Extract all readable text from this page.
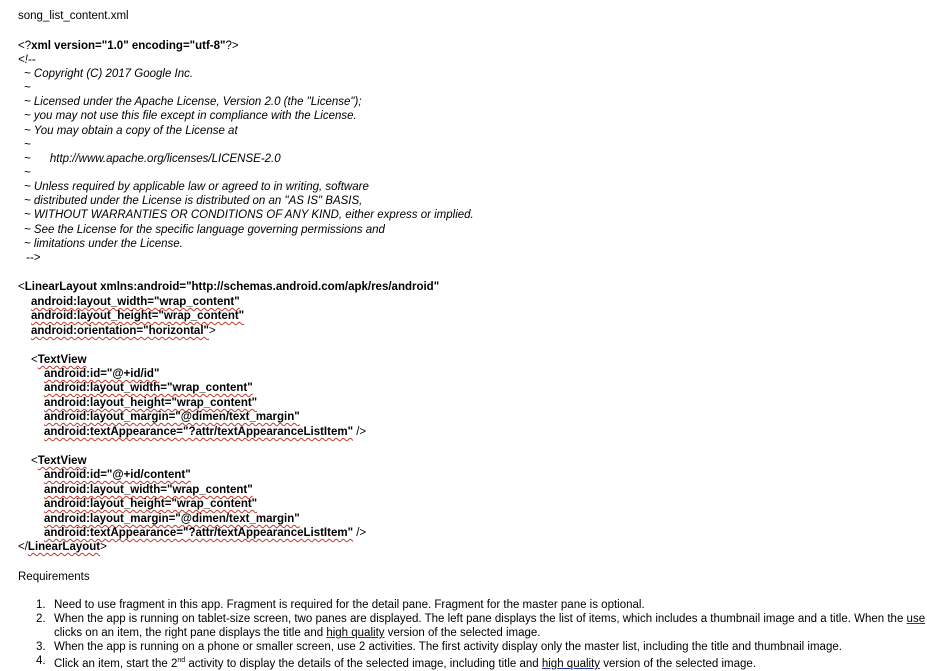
song_list_content.xml
<?xml version="1.0" encoding="utf-8"?>
<!--
~ Copyright (C) 2017 Google Inc.
~
~ Licensed under the Apache License, Version 2.0 (the "License");
~ you may not use this file except in compliance with the License.
~ You may obtain a copy of the License at
~
~      http://www.apache.org/licenses/LICENSE-2.0
~
~ Unless required by applicable law or agreed to in writing, software
~ distributed under the License is distributed on an "AS IS" BASIS,
~ WITHOUT WARRANTIES OR CONDITIONS OF ANY KIND, either express or implied.
~ See the License for the specific language governing permissions and
~ limitations under the License.
-->
<LinearLayout xmlns:android="http://schemas.android.com/apk/res/android"
android:layout_width="wrap_content"
android:layout_height="wrap_content"
android:orientation="horizontal">
<TextView
android:id="@+id/id"
android:layout_width="wrap_content"
android:layout_height="wrap_content"
android:layout_margin="@dimen/text_margin"
android:textAppearance="?attr/textAppearanceListItem" />
<TextView
android:id="@+id/content"
android:layout_width="wrap_content"
android:layout_height="wrap_content"
android:layout_margin="@dimen/text_margin"
android:textAppearance="?attr/textAppearanceListItem" />
</LinearLayout>
Requirements
1. Need to use fragment in this app. Fragment is required for the detail pane. Fragment for the master pane is optional.
2. When the app is running on tablet-size screen, two panes are displayed. The left pane displays the list of items, which includes a thumbnail image and a title. When the use
clicks on an item, the right pane displays the title and high quality version of the selected image.
3. When the app is running on a phone or smaller screen, use 2 activities. The first activity display only the master list, including the title and thumbnail image.
4. Click an item, start the 2nd activity to display the details of the selected image, including title and high quality version of the selected image.
